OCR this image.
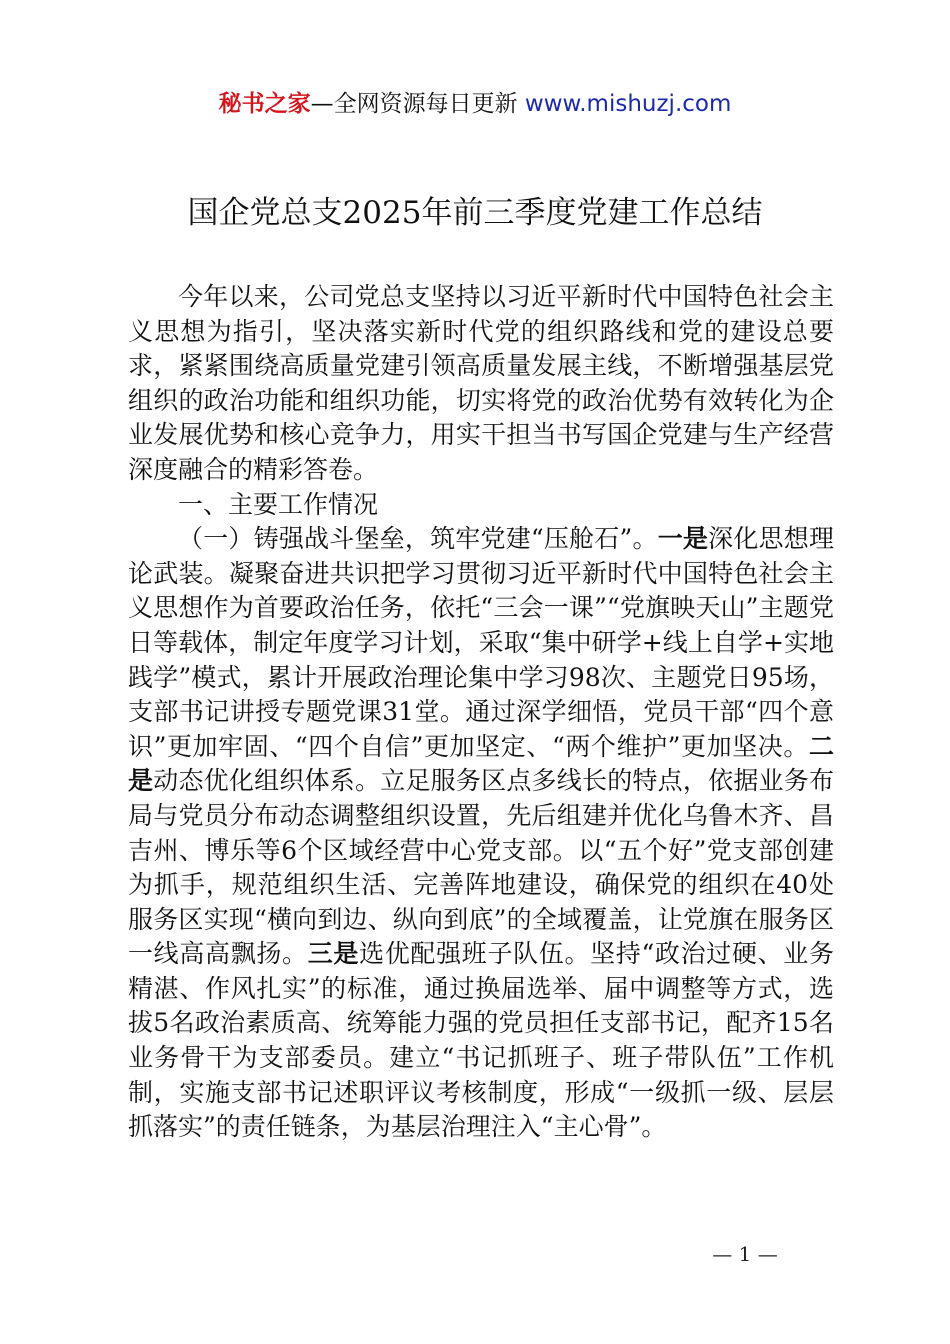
秘书之家—全网资源每日更新 www.mishuzj.com
国企党总支2025年前三季度党建工作总结

今年以来，公司党总支坚持以习近平新时代中国特色社会主义思想为指引，坚决落实新时代党的组织路线和党的建设总要求，紧紧围绕高质量党建引领高质量发展主线，不断增强基层党组织的政治功能和组织功能，切实将党的政治优势有效转化为企业发展优势和核心竞争力，用实干担当书写国企党建与生产经营深度融合的精彩答卷。

一、主要工作情况

（一）铸强战斗堡垒，筑牢党建“压舱石”。一是深化思想理论武装。凝聚奋进共识把学习贯彻习近平新时代中国特色社会主义思想作为首要政治任务，依托“三会一课”“党旗映天山”主题党日等载体，制定年度学习计划，采取“集中研学+线上自学+实地践学”模式，累计开展政治理论集中学习98次、主题党日95场，支部书记讲授专题党课31堂。通过深学细悟，党员干部“四个意识”更加牢固、“四个自信”更加坚定、“两个维护”更加坚决。二是动态优化组织体系。立足服务区点多线长的特点，依据业务布局与党员分布动态调整组织设置，先后组建并优化乌鲁木齐、昌吉州、博乐等6个区域经营中心党支部。以“五个好”党支部创建为抓手，规范组织生活、完善阵地建设，确保党的组织在40处服务区实现“横向到边、纵向到底”的全域覆盖，让党旗在服务区一线高高飘扬。三是选优配强班子队伍。坚持“政治过硬、业务精湛、作风扎实”的标准，通过换届选举、届中调整等方式，选拔5名政治素质高、统筹能力强的党员担任支部书记，配齐15名业务骨干为支部委员。建立“书记抓班子、班子带队伍”工作机制，实施支部书记述职评议考核制度，形成“一级抓一级、层层抓落实”的责任链条，为基层治理注入“主心骨”。

— 1 —
